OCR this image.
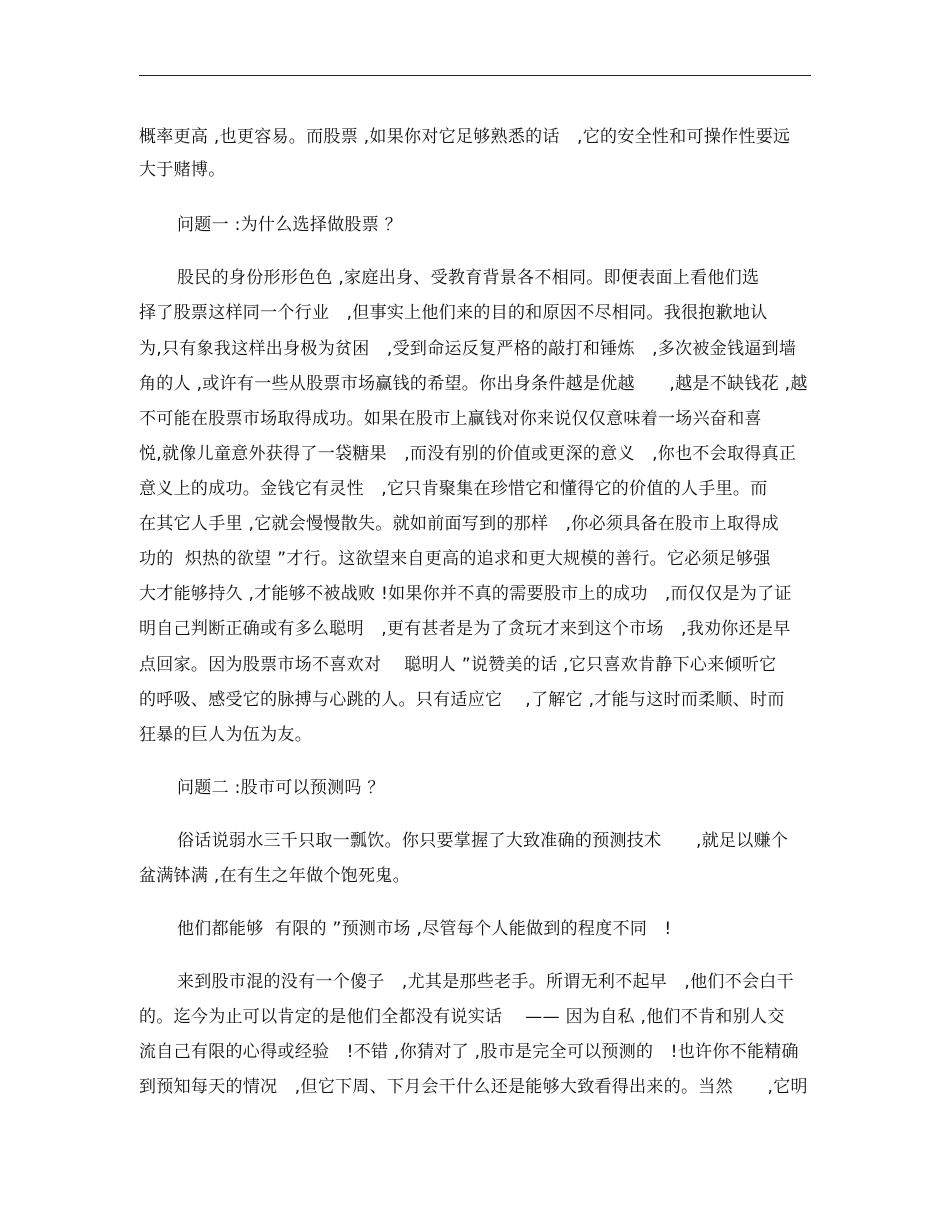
概率更高 ,也更容易。而股票 ,如果你对它足够熟悉的话　,它的安全性和可操作性要远
大于赌博。
问题一 :为什么选择做股票 ？
股民的身份形形色色 ,家庭出身、受教育背景各不相同。即便表面上看他们选
择了股票这样同一个行业　,但事实上他们来的目的和原因不尽相同。我很抱歉地认
为,只有象我这样出身极为贫困　,受到命运反复严格的敲打和锤炼　,多次被金钱逼到墙
角的人 ,或许有一些从股票市场赢钱的希望。你出身条件越是优越　　,越是不缺钱花 ,越
不可能在股票市场取得成功。如果在股市上赢钱对你来说仅仅意味着一场兴奋和喜
悦,就像儿童意外获得了一袋糖果　,而没有别的价值或更深的意义　,你也不会取得真正
意义上的成功。金钱它有灵性　,它只肯聚集在珍惜它和懂得它的价值的人手里。而
在其它人手里 ,它就会慢慢散失。就如前面写到的那样　,你必须具备在股市上取得成
功的  炽热的欲望 ”才行。这欲望来自更高的追求和更大规模的善行。它必须足够强
大才能够持久 ,才能够不被战败 !如果你并不真的需要股市上的成功　,而仅仅是为了证
明自己判断正确或有多么聪明　,更有甚者是为了贪玩才来到这个市场　,我劝你还是早
点回家。因为股票市场不喜欢对　 聪明人 ”说赞美的话 ,它只喜欢肯静下心来倾听它
的呼吸、感受它的脉搏与心跳的人。只有适应它　 ,了解它 ,才能与这时而柔顺、时而
狂暴的巨人为伍为友。
问题二 :股市可以预测吗 ？
俗话说弱水三千只取一瓢饮。你只要掌握了大致准确的预测技术　　,就足以赚个
盆满钵满 ,在有生之年做个饱死鬼。
他们都能够  有限的 ”预测市场 ,尽管每个人能做到的程度不同　!
来到股市混的没有一个傻子　,尤其是那些老手。所谓无利不起早　,他们不会白干
的。迄今为止可以肯定的是他们全都没有说实话　 —— 因为自私 ,他们不肯和别人交
流自己有限的心得或经验　!不错 ,你猜对了 ,股市是完全可以预测的　!也许你不能精确
到预知每天的情况　,但它下周、下月会干什么还是能够大致看得出来的。当然　　,它明
